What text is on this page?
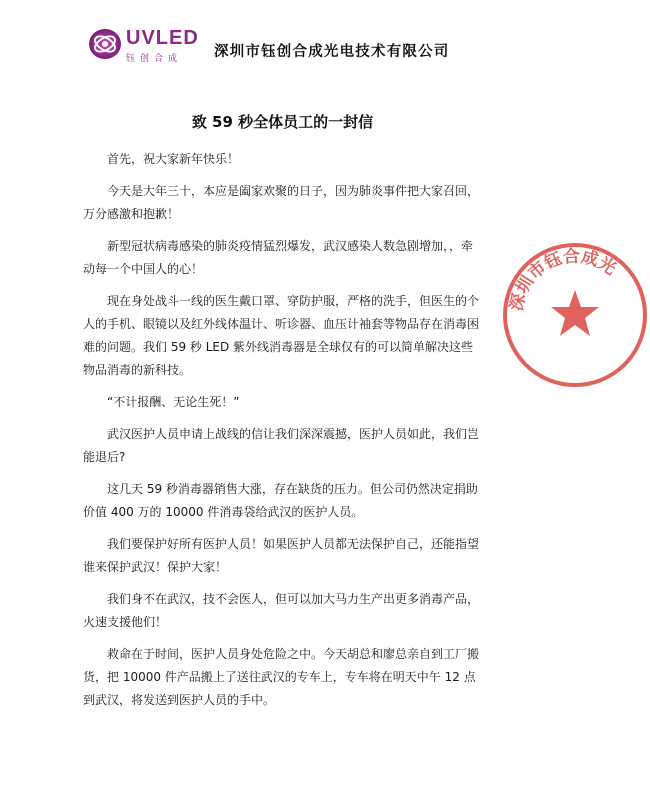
UVLED
钰创合成 深圳市钰创合成光电技术有限公司
致 59 秒全体员工的一封信

首先，祝大家新年快乐！

今天是大年三十，本应是阖家欢聚的日子，因为肺炎事件把大家召回，万分感激和抱歉！

新型冠状病毒感染的肺炎疫情猛烈爆发，武汉感染人数急剧增加，，牵动每一个中国人的心！

现在身处战斗一线的医生戴口罩、穿防护服，严格的洗手，但医生的个人的手机、眼镜以及红外线体温计、听诊器、血压计袖套等物品存在消毒困难的问题。我们 59 秒 LED 紫外线消毒器是全球仅有的可以简单解决这些物品消毒的新科技。

“不计报酬、无论生死！”

武汉医护人员申请上战线的信让我们深深震撼，医护人员如此，我们岂能退后?

这几天 59 秒消毒器销售大涨，存在缺货的压力。但公司仍然决定捐助价值 400 万的 10000 件消毒袋给武汉的医护人员。

我们要保护好所有医护人员！如果医护人员都无法保护自己，还能指望谁来保护武汉！保护大家！

我们身不在武汉，技不会医人，但可以加大马力生产出更多消毒产品，火速支援他们！

救命在于时间，医护人员身处危险之中。今天胡总和廖总亲自到工厂搬货，把 10000 件产品搬上了送往武汉的专车上，专车将在明天中午 12 点到武汉，将发送到医护人员的手中。

深圳市钰合成光
